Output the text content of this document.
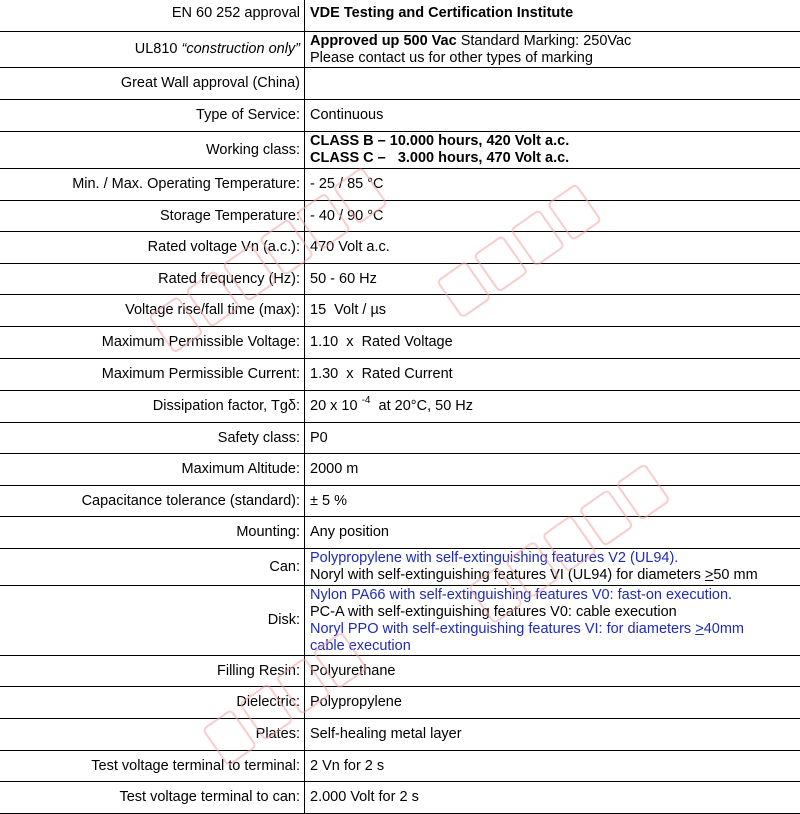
EN 60 252 approval	VDE Testing and Certification Institute

UL810 “construction only”	Approved up 500 Vac Standard Marking: 250Vac
Please contact us for other types of marking

Great Wall approval (China)	
Type of Service:	Continuous
Working class:	CLASS B – 10.000 hours, 420 Volt a.c.
CLASS C –   3.000 hours, 470 Volt a.c.

Min. / Max. Operating Temperature:	- 25 / 85 °C
Storage Temperature:	- 40 / 90 °C
Rated voltage Vn (a.c.):	470 Volt a.c.
Rated frequency (Hz):	50 - 60 Hz
Voltage rise/fall time (max):	15  Volt / µs
Maximum Permissible Voltage:	1.10  x  Rated Voltage
Maximum Permissible Current:	1.30  x  Rated Current
Dissipation factor, Tgδ:	20 x 10 $^{-4}$  at 20°C, 50 Hz
Safety class:	P0
Maximum Altitude:	2000 m
Capacitance tolerance (standard):	± 5 %
Mounting:	Any position
Can:	Polypropylene with self-extinguishing features V2 (UL94).
Noryl with self-extinguishing features VI (UL94) for diameters >50 mm

Disk:	Nylon PA66 with self-extinguishing features V0: fast-on execution.
PC-A with self-extinguishing features V0: cable execution
Noryl PPO with self-extinguishing features VI: for diameters >40mm
cable execution

Filling Resin:	Polyurethane
Dielectric:	Polypropylene
Plates:	Self-healing metal layer
Test voltage terminal to terminal:	2 Vn for 2 s
Test voltage terminal to can:	2.000 Volt for 2 s
